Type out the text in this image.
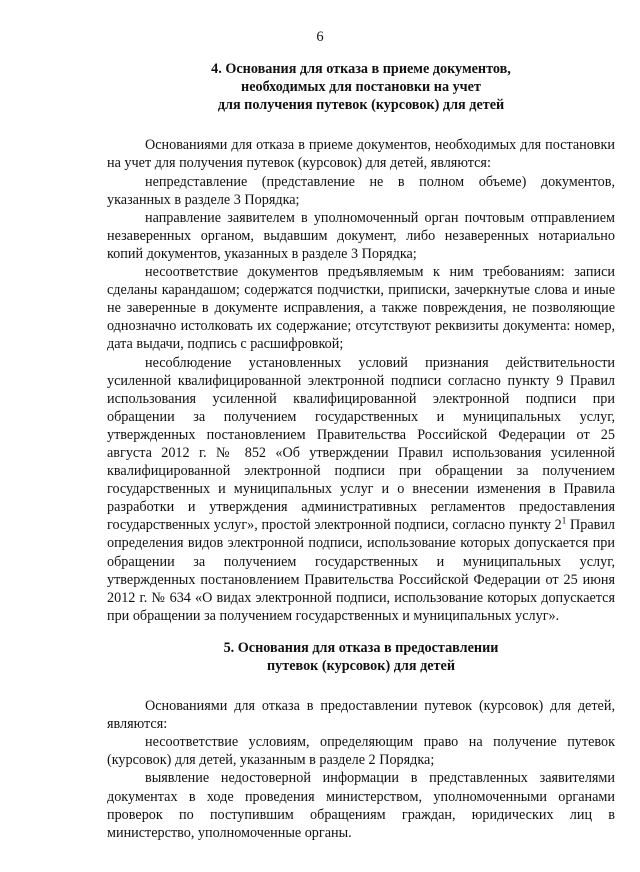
6
4. Основания для отказа в приеме документов,
необходимых для постановки на учет
для получения путевок (курсовок) для детей

Основаниями для отказа в приеме документов, необходимых для постановки на учет для получения путевок (курсовок) для детей, являются:

непредставление (представление не в полном объеме) документов, указанных в разделе 3 Порядка;

направление заявителем в уполномоченный орган почтовым отправлением незаверенных органом, выдавшим документ, либо незаверенных нотариально копий документов, указанных в разделе 3 Порядка;

несоответствие документов предъявляемым к ним требованиям: записи сделаны карандашом; содержатся подчистки, приписки, зачеркнутые слова и иные не заверенные в документе исправления, а также повреждения, не позволяющие однозначно истолковать их содержание; отсутствуют реквизиты документа: номер, дата выдачи, подпись с расшифровкой;

несоблюдение установленных условий признания действительности усиленной квалифицированной электронной подписи согласно пункту 9 Правил использования усиленной квалифицированной электронной подписи при обращении за получением государственных и муниципальных услуг, утвержденных постановлением Правительства Российской Федерации от 25 августа 2012 г. № 852 «Об утверждении Правил использования усиленной квалифицированной электронной подписи при обращении за получением государственных и муниципальных услуг и о внесении изменения в Правила разработки и утверждения административных регламентов предоставления государственных услуг», простой электронной подписи, согласно пункту $2^1$ Правил определения видов электронной подписи, использование которых допускается при обращении за получением государственных и муниципальных услуг, утвержденных постановлением Правительства Российской Федерации от 25 июня 2012 г. № 634 «О видах электронной подписи, использование которых допускается при обращении за получением государственных и муниципальных услуг».

5. Основания для отказа в предоставлении
путевок (курсовок) для детей

Основаниями для отказа в предоставлении путевок (курсовок) для детей, являются:

несоответствие условиям, определяющим право на получение путевок (курсовок) для детей, указанным в разделе 2 Порядка;

выявление недостоверной информации в представленных заявителями документах в ходе проведения министерством, уполномоченными органами проверок по поступившим обращениям граждан, юридических лиц в министерство, уполномоченные органы.
